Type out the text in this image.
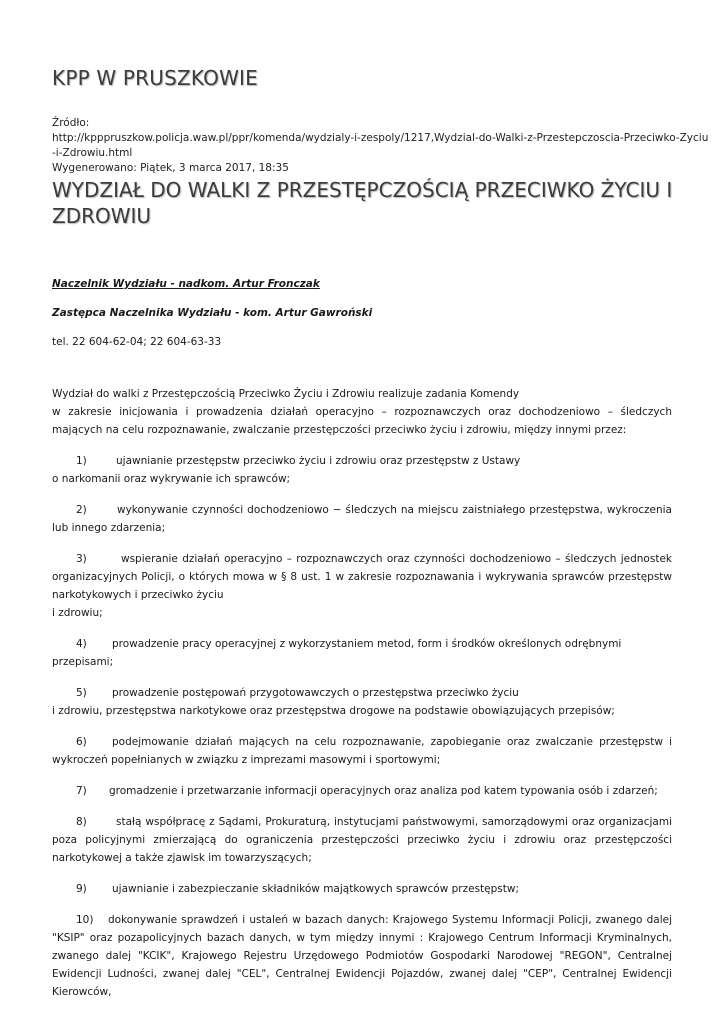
KPP W PRUSZKOWIE
Źródło:
http://kpppruszkow.policja.waw.pl/ppr/komenda/wydzialy-i-zespoly/1217,Wydzial-do-Walki-z-Przestepczoscia-Przeciwko-Zyciu
-i-Zdrowiu.html
Wygenerowano: Piątek, 3 marca 2017, 18:35
WYDZIAŁ DO WALKI Z PRZESTĘPCZOŚCIĄ PRZECIWKO ŻYCIU I ZDROWIU

Naczelnik Wydziału - nadkom. Artur Fronczak

Zastępca Naczelnika Wydziału - kom. Artur Gawroński

tel. 22 604-62-04; 22 604-63-33

Wydział do walki z Przestępczością Przeciwko Życiu i Zdrowiu realizuje zadania Komendy

w zakresie inicjowania i prowadzenia działań operacyjno – rozpoznawczych oraz dochodzeniowo – śledczych mających na celu rozpoznawanie, zwalczanie przestępczości przeciwko życiu i zdrowiu, między innymi przez:

1)	ujawnianie przestępstw przeciwko życiu i zdrowiu oraz przestępstw z Ustawy

o narkomanii oraz wykrywanie ich sprawców;

2)	wykonywanie czynności dochodzeniowo − śledczych na miejscu zaistniałego przestępstwa, wykroczenia lub innego zdarzenia;

3)	wspieranie działań operacyjno – rozpoznawczych oraz czynności dochodzeniowo – śledczych jednostek organizacyjnych Policji, o których mowa w § 8 ust. 1 w zakresie rozpoznawania i wykrywania sprawców przestępstw narkotykowych i przeciwko życiu

i zdrowiu;

4) prowadzenie pracy operacyjnej z wykorzystaniem metod, form i środków określonych odrębnymi przepisami;

5) prowadzenie postępowań przygotowawczych o przestępstwa przeciwko życiu

i zdrowiu, przestępstwa narkotykowe oraz przestępstwa drogowe na podstawie obowiązujących przepisów;

6) podejmowanie działań mających na celu rozpoznawanie, zapobieganie oraz zwalczanie przestępstw i wykroczeń popełnianych w związku z imprezami masowymi i sportowymi;

7) gromadzenie i przetwarzanie informacji operacyjnych oraz analiza pod katem typowania osób i zdarzeń;

8)	stałą współpracę z Sądami, Prokuraturą, instytucjami państwowymi, samorządowymi oraz organizacjami poza policyjnymi zmierzającą do ograniczenia przestępczości przeciwko życiu i zdrowiu oraz przestępczości narkotykowej a także zjawisk im towarzyszących;

9) ujawnianie i zabezpieczanie składników majątkowych sprawców przestępstw;

10) dokonywanie sprawdzeń i ustaleń w bazach danych: Krajowego Systemu Informacji Policji, zwanego dalej "KSIP" oraz pozapolicyjnych bazach danych, w tym między innymi : Krajowego Centrum Informacji Kryminalnych, zwanego dalej "KCIK", Krajowego Rejestru Urzędowego Podmiotów Gospodarki Narodowej "REGON", Centralnej Ewidencji Ludności, zwanej dalej "CEL", Centralnej Ewidencji Pojazdów, zwanej dalej "CEP", Centralnej Ewidencji Kierowców,
